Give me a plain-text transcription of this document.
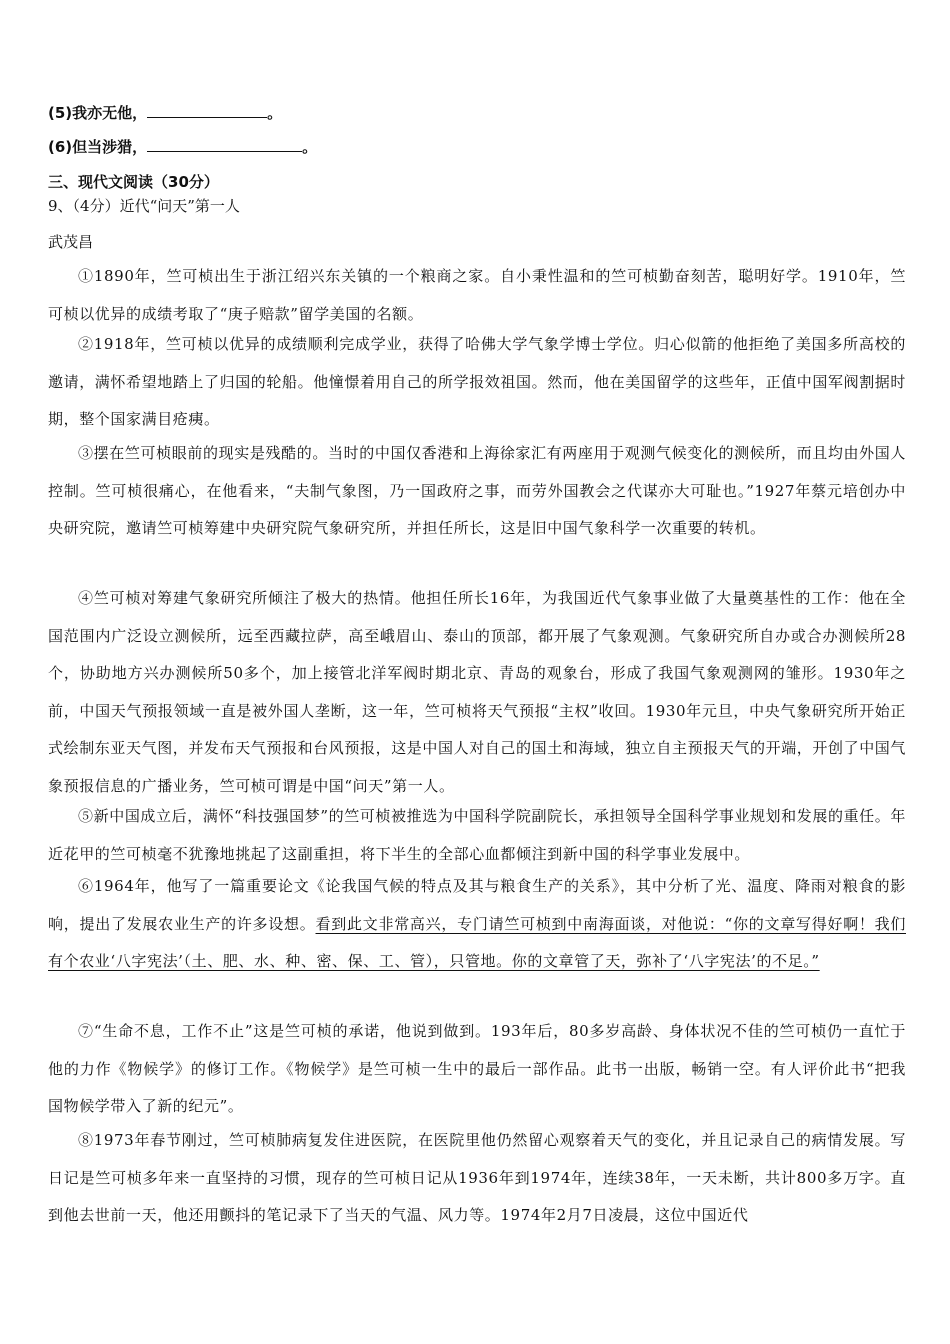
(5)我亦无他，	。
(6)但当涉猎，	。
三、现代文阅读（30分）
9、（4分）近代“问天”第一人
武茂昌
①1890年，竺可桢出生于浙江绍兴东关镇的一个粮商之家。自小秉性温和的竺可桢勤奋刻苦，聪明好学。1910年，竺可桢以优异的成绩考取了“庚子赔款”留学美国的名额。
②1918年，竺可桢以优异的成绩顺利完成学业，获得了哈佛大学气象学博士学位。归心似箭的他拒绝了美国多所高校的邀请，满怀希望地踏上了归国的轮船。他憧憬着用自己的所学报效祖国。然而，他在美国留学的这些年，正值中国军阀割据时期，整个国家满目疮痍。
③摆在竺可桢眼前的现实是残酷的。当时的中国仅香港和上海徐家汇有两座用于观测气候变化的测候所，而且均由外国人控制。竺可桢很痛心，在他看来，“夫制气象图，乃一国政府之事，而劳外国教会之代谋亦大可耻也。”1927年蔡元培创办中央研究院，邀请竺可桢筹建中央研究院气象研究所，并担任所长，这是旧中国气象科学一次重要的转机。
④竺可桢对筹建气象研究所倾注了极大的热情。他担任所长16年，为我国近代气象事业做了大量奠基性的工作：他在全国范围内广泛设立测候所，远至西藏拉萨，高至峨眉山、泰山的顶部，都开展了气象观测。气象研究所自办或合办测候所28个，协助地方兴办测候所50多个，加上接管北洋军阀时期北京、青岛的观象台，形成了我国气象观测网的雏形。1930年之前，中国天气预报领域一直是被外国人垄断，这一年，竺可桢将天气预报“主权”收回。1930年元旦，中央气象研究所开始正式绘制东亚天气图，并发布天气预报和台风预报，这是中国人对自己的国土和海域，独立自主预报天气的开端，开创了中国气象预报信息的广播业务，竺可桢可谓是中国“问天”第一人。
⑤新中国成立后，满怀“科技强国梦”的竺可桢被推选为中国科学院副院长，承担领导全国科学事业规划和发展的重任。年近花甲的竺可桢毫不犹豫地挑起了这副重担，将下半生的全部心血都倾注到新中国的科学事业发展中。
⑥1964年，他写了一篇重要论文《论我国气候的特点及其与粮食生产的关系》，其中分析了光、温度、降雨对粮食的影响，提出了发展农业生产的许多设想。看到此文非常高兴，专门请竺可桢到中南海面谈，对他说：“你的文章写得好啊！我们有个农业‘八字宪法’（土、肥、水、种、密、保、工、管），只管地。你的文章管了天，弥补了‘八字宪法’的不足。”
⑦“生命不息，工作不止”这是竺可桢的承诺，他说到做到。193年后，80多岁高龄、身体状况不佳的竺可桢仍一直忙于他的力作《物候学》的修订工作。《物候学》是竺可桢一生中的最后一部作品。此书一出版，畅销一空。有人评价此书“把我国物候学带入了新的纪元”。
⑧1973年春节刚过，竺可桢肺病复发住进医院，在医院里他仍然留心观察着天气的变化，并且记录自己的病情发展。写日记是竺可桢多年来一直坚持的习惯，现存的竺可桢日记从1936年到1974年，连续38年，一天未断，共计800多万字。直到他去世前一天，他还用颤抖的笔记录下了当天的气温、风力等。1974年2月7日凌晨，这位中国近代
